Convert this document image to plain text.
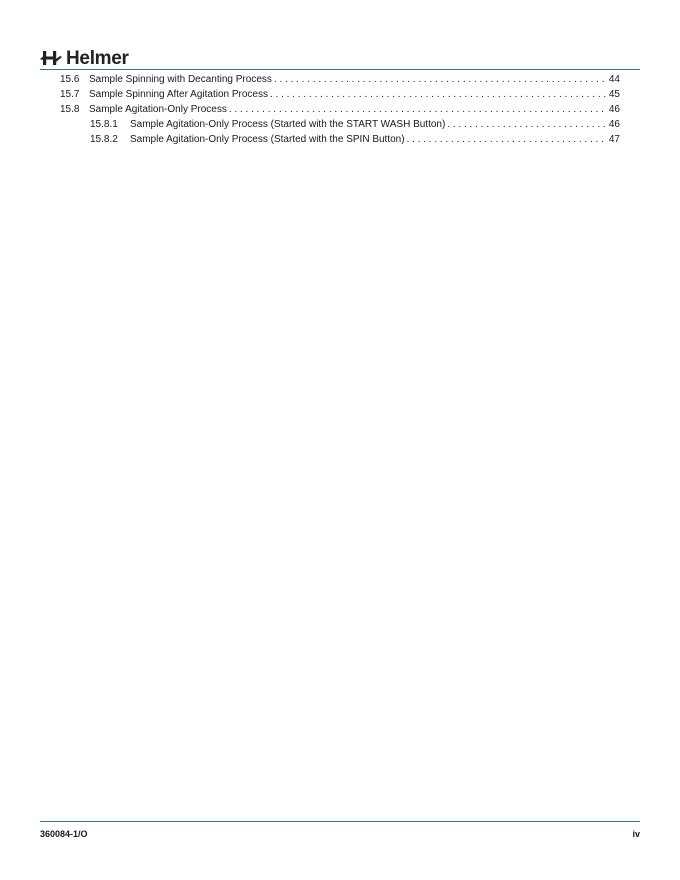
Helmer
15.6 Sample Spinning with Decanting Process . . .	44
15.7 Sample Spinning After Agitation Process . . .	45
15.8 Sample Agitation-Only Process . . .	46
15.8.1	Sample Agitation-Only Process (Started with the START WASH Button) . . .	46
15.8.2	Sample Agitation-Only Process (Started with the SPIN Button) . . .	47
360084-1/O	iv
